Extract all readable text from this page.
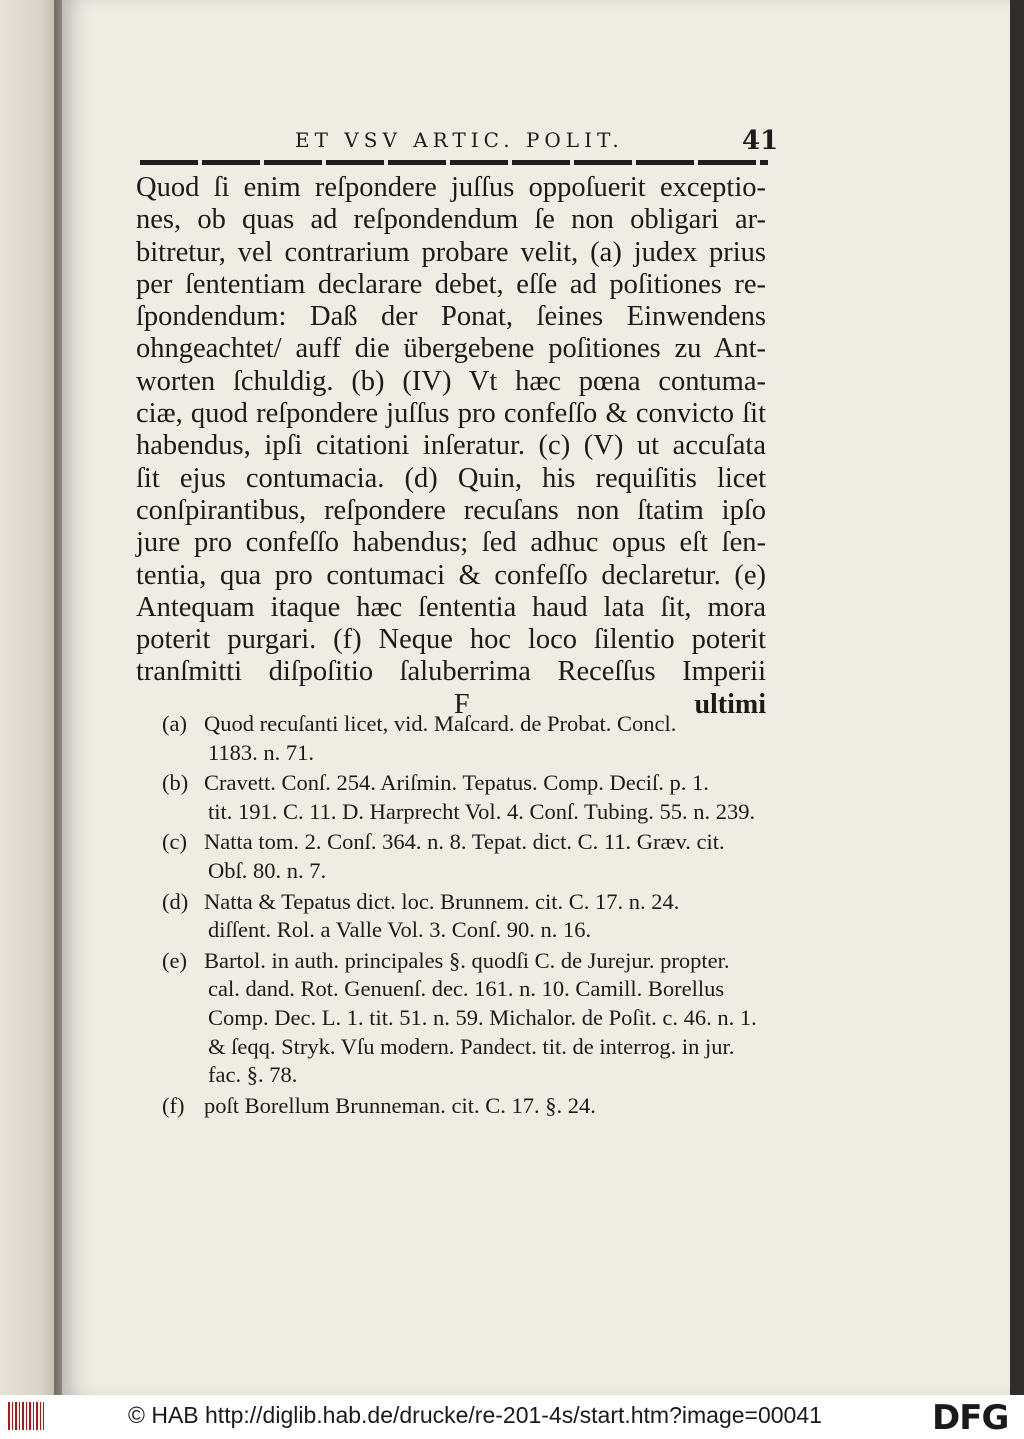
ET VSV ARTIC. POLIT.	41
Quod ſi enim reſpondere juſſus oppoſuerit exceptio-
nes, ob quas ad reſpondendum ſe non obligari ar-
bitretur, vel contrarium probare velit, (a) judex prius
per ſententiam declarare debet, eſſe ad poſitiones re-
ſpondendum: Daß der Ponat, ſeines Einwendens
ohngeachtet/ auff die übergebene poſitiones zu Ant-
worten ſchuldig. (b) (IV) Vt hæc pœna contuma-
ciæ, quod reſpondere juſſus pro confeſſo & convicto ſit
habendus, ipſi citationi inſeratur. (c) (V) ut accuſata
ſit ejus contumacia. (d) Quin, his requiſitis licet
conſpirantibus, reſpondere recuſans non ſtatim ipſo
jure pro confeſſo habendus; ſed adhuc opus eſt ſen-
tentia, qua pro contumaci & confeſſo declaretur. (e)
Antequam itaque hæc ſententia haud lata ſit, mora
poterit purgari. (f) Neque hoc loco ſilentio poterit
tranſmitti diſpoſitio ſaluberrima Receſſus Imperii
F	ultimi
(a) Quod recuſanti licet, vid. Maſcard. de Probat. Concl.
1183. n. 71.
(b) Cravett. Conſ. 254. Ariſmin. Tepatus. Comp. Deciſ. p. 1.
tit. 191. C. 11. D. Harprecht Vol. 4. Conſ. Tubing. 55. n. 239.
(c) Natta tom. 2. Conſ. 364. n. 8. Tepat. dict. C. 11. Græv. cit.
Obſ. 80. n. 7.
(d) Natta & Tepatus dict. loc. Brunnem. cit. C. 17. n. 24.
diſſent. Rol. a Valle Vol. 3. Conſ. 90. n. 16.
(e) Bartol. in auth. principales §. quodſi C. de Jurejur. propter.
cal. dand. Rot. Genuenſ. dec. 161. n. 10. Camill. Borellus
Comp. Dec. L. 1. tit. 51. n. 59. Michalor. de Poſit. c. 46. n. 1.
& ſeqq. Stryk. Vſu modern. Pandect. tit. de interrog. in jur.
fac. §. 78.
(f) poſt Borellum Brunneman. cit. C. 17. §. 24.
© HAB http://diglib.hab.de/drucke/re-201-4s/start.htm?image=00041	DFG
